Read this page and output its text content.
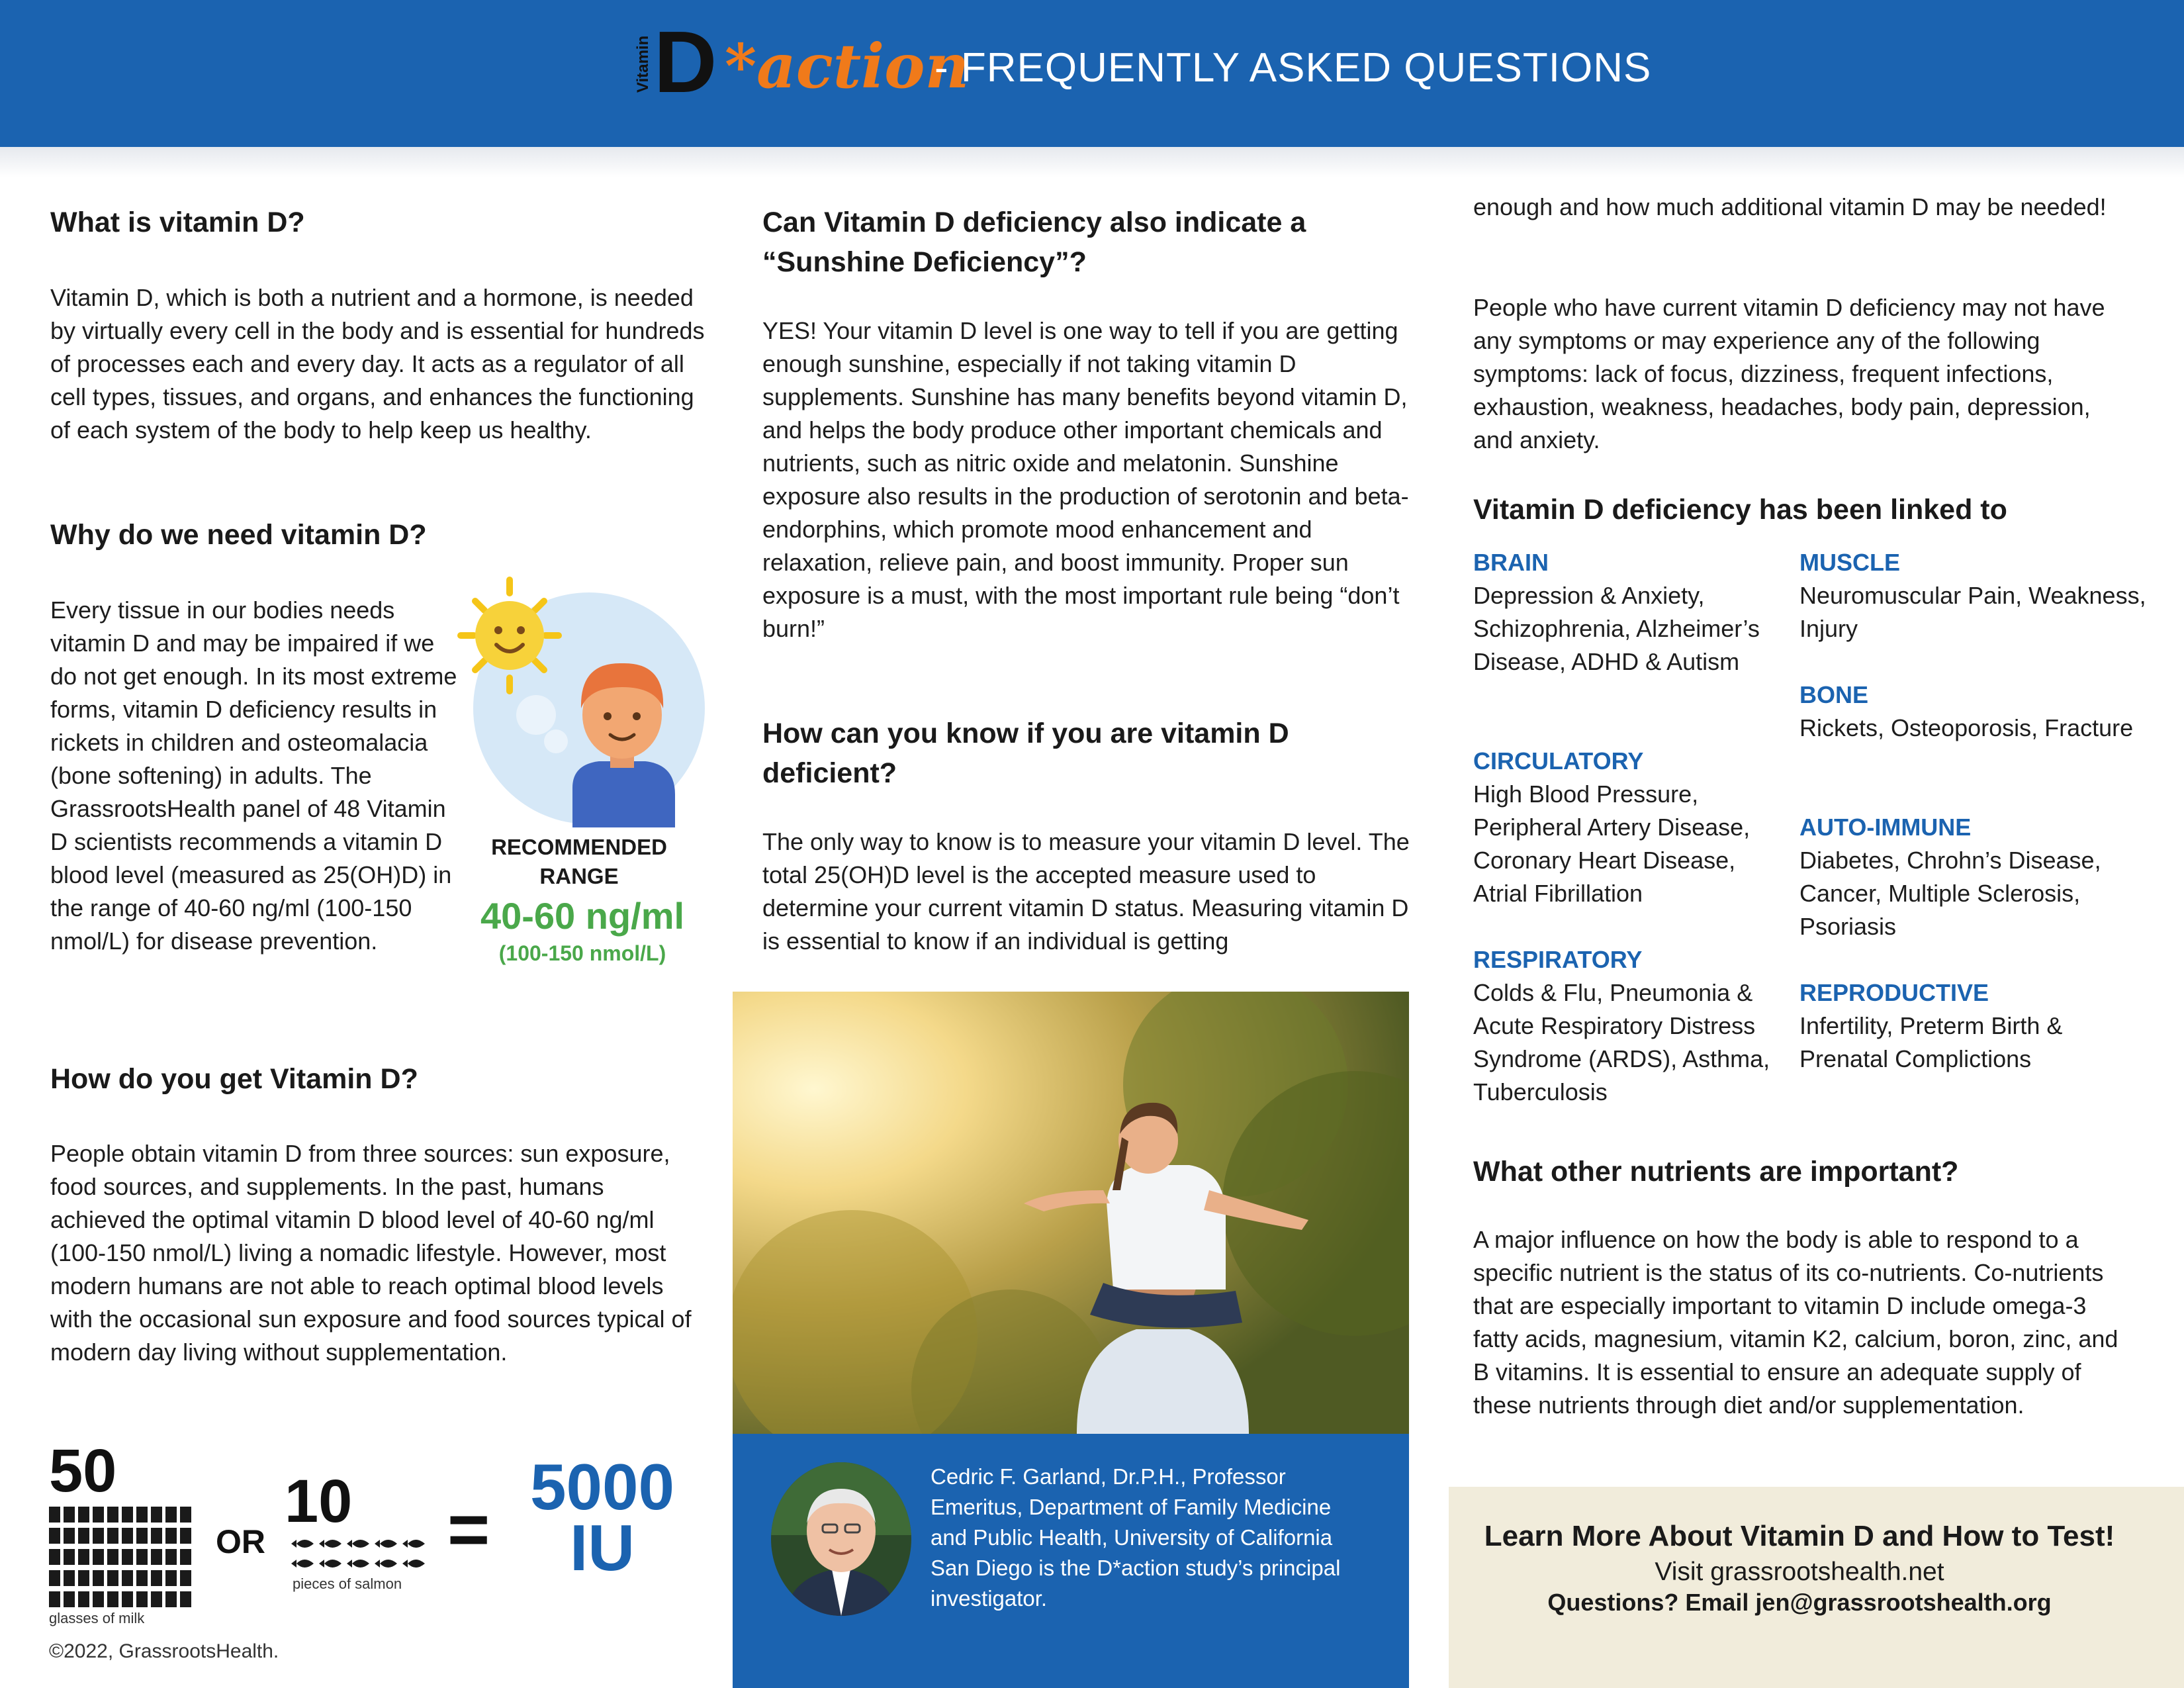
Vitamin D *action
- FREQUENTLY ASKED QUESTIONS
What is vitamin D?
Vitamin D, which is both a nutrient and a hormone, is needed by virtually every cell in the body and is essential for hundreds of processes each and every day. It acts as a regulator of all cell types, tissues, and organs, and enhances the functioning of each system of the body to help keep us healthy.
Why do we need vitamin D?
Every tissue in our bodies needs vitamin D and may be impaired if we do not get enough. In its most extreme forms, vitamin D deficiency results in rickets in children and osteomalacia (bone softening) in adults. The GrassrootsHealth panel of 48 Vitamin D scientists recommends a vitamin D blood level (measured as 25(OH)D) in the range of 40-60 ng/ml (100-150 nmol/L) for disease prevention.
RECOMMENDED RANGE
40-60 ng/ml
(100-150 nmol/L)
How do you get Vitamin D?
People obtain vitamin D from three sources: sun exposure, food sources, and supplements. In the past, humans achieved the optimal vitamin D blood level of 40-60 ng/ml (100-150 nmol/L) living a nomadic lifestyle. However, most modern humans are not able to reach optimal blood levels with the occasional sun exposure and food sources typical of modern day living without supplementation.
50
glasses of milk
OR
10
pieces of salmon
=
5000
IU
©2022, GrassrootsHealth.
Can Vitamin D deficiency also indicate a “Sunshine Deficiency”?
YES! Your vitamin D level is one way to tell if you are getting enough sunshine, especially if not taking vitamin D supplements. Sunshine has many benefits beyond vitamin D, and helps the body produce other important chemicals and nutrients, such as nitric oxide and melatonin. Sunshine exposure also results in the production of serotonin and beta- endorphins, which promote mood enhancement and relaxation, relieve pain, and boost immunity. Proper sun exposure is a must, with the most important rule being “don’t burn!”
How can you know if you are vitamin D deficient?
The only way to know is to measure your vitamin D level. The total 25(OH)D level is the accepted measure used to determine your current vitamin D status. Measuring vitamin D is essential to know if an individual is getting
Cedric F. Garland, Dr.P.H., Professor Emeritus, Department of Family Medicine and Public Health, University of California San Diego is the D*action study’s principal investigator.
enough and how much additional vitamin D may be needed!
People who have current vitamin D deficiency may not have any symptoms or may experience any of the following symptoms: lack of focus, dizziness, frequent infections, exhaustion, weakness, headaches, body pain, depression, and anxiety.
Vitamin D deficiency has been linked to
BRAIN
Depression & Anxiety, Schizophrenia, Alzheimer’s Disease, ADHD & Autism
CIRCULATORY
High Blood Pressure, Peripheral Artery Disease, Coronary Heart Disease, Atrial Fibrillation
RESPIRATORY
Colds & Flu, Pneumonia & Acute Respiratory Distress Syndrome (ARDS), Asthma, Tuberculosis
MUSCLE
Neuromuscular Pain, Weakness, Injury
BONE
Rickets, Osteoporosis, Fracture
AUTO-IMMUNE
Diabetes, Chrohn’s Disease, Cancer, Multiple Sclerosis, Psoriasis
REPRODUCTIVE
Infertility, Preterm Birth & Prenatal Complictions
What other nutrients are important?
A major influence on how the body is able to respond to a specific nutrient is the status of its co-nutrients. Co-nutrients that are especially important to vitamin D include omega-3 fatty acids, magnesium, vitamin K2, calcium, boron, zinc, and B vitamins. It is essential to ensure an adequate supply of these nutrients through diet and/or supplementation.
Learn More About Vitamin D and How to Test!
Visit grassrootshealth.net
Questions? Email jen@grassrootshealth.org
